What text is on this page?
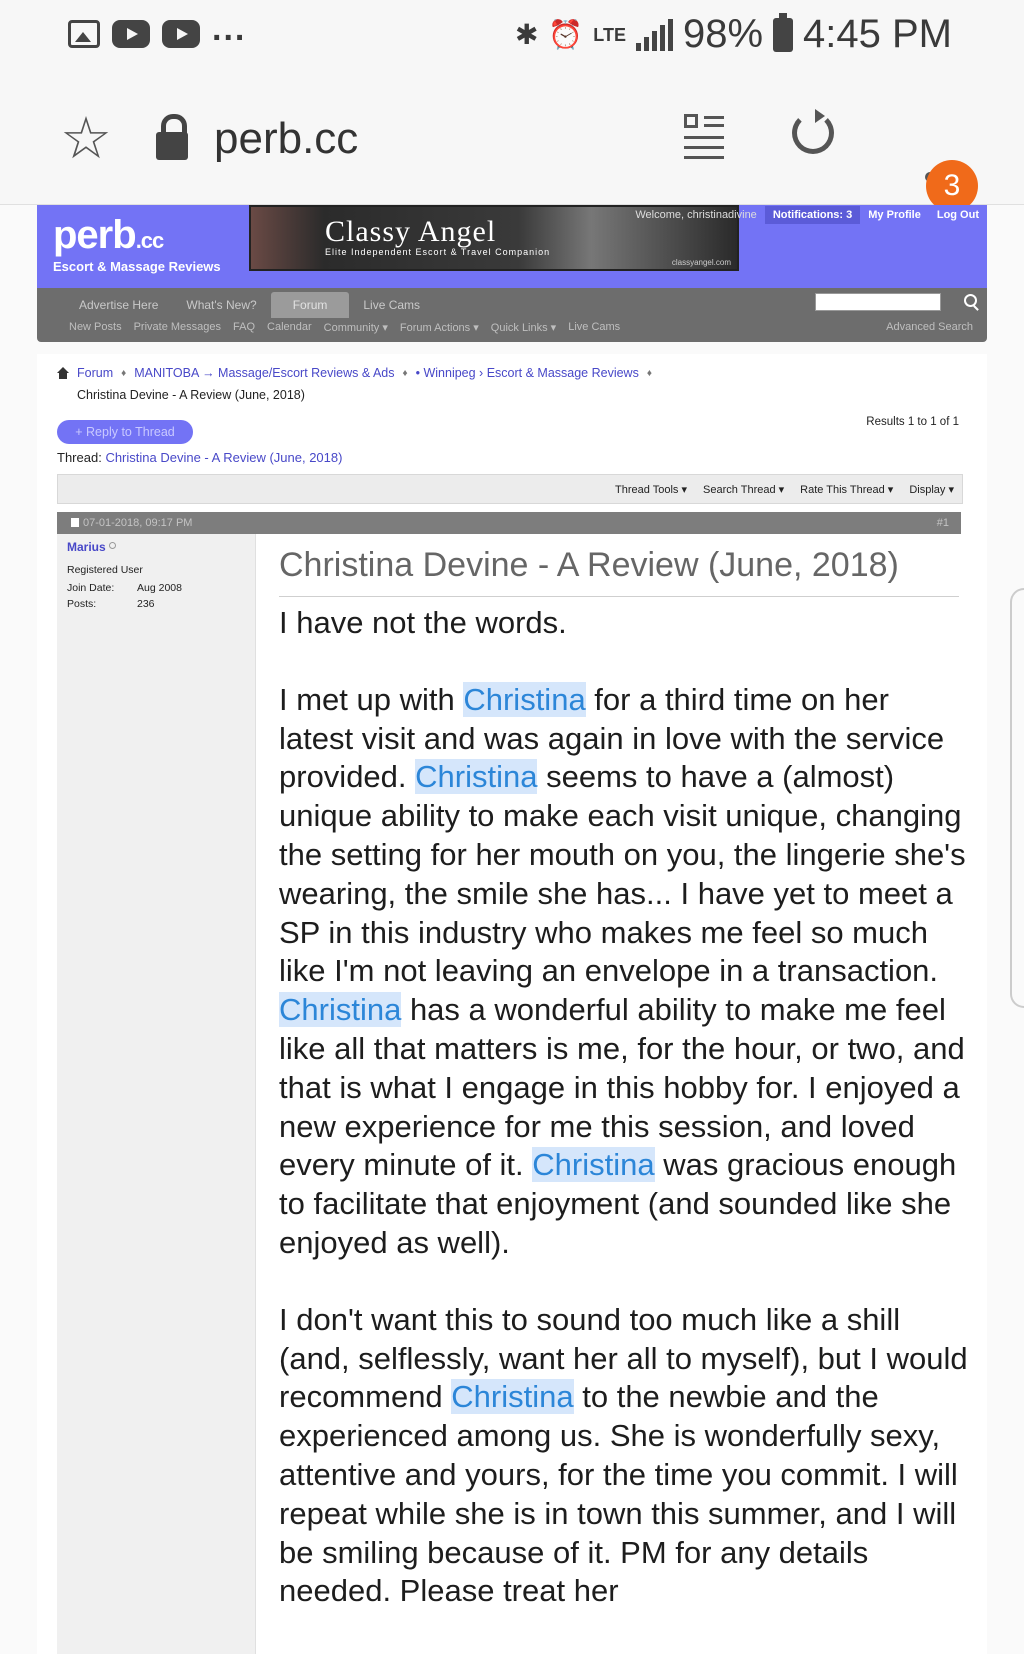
...	✱ ⏰ LTE 98% 4:45 PM
☆ perb.cc
3
perb.cc
Escort & Massage Reviews
Classy Angel
Elite Independent Escort & Travel Companion
classyangel.com
Welcome, christinadivine	Notifications: 3	My Profile	Log Out
Advertise Here	What's New?	Forum	Live Cams
New Posts	Private Messages	FAQ	Calendar	Community ▾	Forum Actions ▾	Quick Links ▾	Live Cams	Advanced Search
Forum ♦ MANITOBA → Massage/Escort Reviews & Ads ♦ • Winnipeg › Escort & Massage Reviews ♦
Christina Devine - A Review (June, 2018)
+ Reply to Thread
Results 1 to 1 of 1
Thread: Christina Devine - A Review (June, 2018)
Thread Tools ▾	Search Thread ▾	Rate This Thread ▾	Display ▾
07-01-2018, 09:17 PM	#1
Marius
Registered User
Join Date: Aug 2008
Posts:	236
Christina Devine - A Review (June, 2018)

I have not the words.

I met up with Christina for a third time on her latest visit and was again in love with the service provided. Christina seems to have a (almost) unique ability to make each visit unique, changing the setting for her mouth on you, the lingerie she's wearing, the smile she has... I have yet to meet a SP in this industry who makes me feel so much like I'm not leaving an envelope in a transaction. Christina has a wonderful ability to make me feel like all that matters is me, for the hour, or two, and that is what I engage in this hobby for. I enjoyed a new experience for me this session, and loved every minute of it. Christina was gracious enough to facilitate that enjoyment (and sounded like she enjoyed as well).

I don't want this to sound too much like a shill (and, selflessly, want her all to myself), but I would recommend Christina to the newbie and the experienced among us. She is wonderfully sexy, attentive and yours, for the time you commit. I will repeat while she is in town this summer, and I will be smiling because of it. PM for any details needed. Please treat her
